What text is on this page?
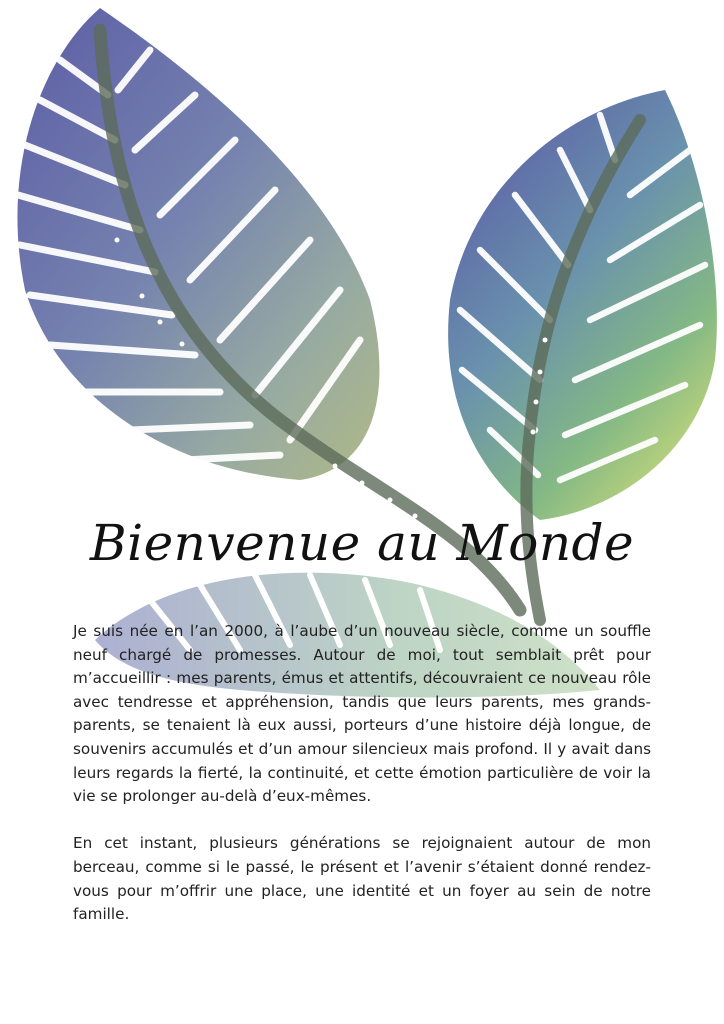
Bienvenue au Monde

Je suis née en l’an 2000, à l’aube d’un nouveau siècle, comme un souffle neuf chargé de promesses. Autour de moi, tout semblait prêt pour m’accueillir : mes parents, émus et attentifs, découvraient ce nouveau rôle avec tendresse et appréhension, tandis que leurs parents, mes grands-parents, se tenaient là eux aussi, porteurs d’une histoire déjà longue, de souvenirs accumulés et d’un amour silencieux mais profond. Il y avait dans leurs regards la fierté, la continuité, et cette émotion particulière de voir la vie se prolonger au-delà d’eux-mêmes.

En cet instant, plusieurs générations se rejoignaient autour de mon berceau, comme si le passé, le présent et l’avenir s’étaient donné rendez-vous pour m’offrir une place, une identité et un foyer au sein de notre famille.
